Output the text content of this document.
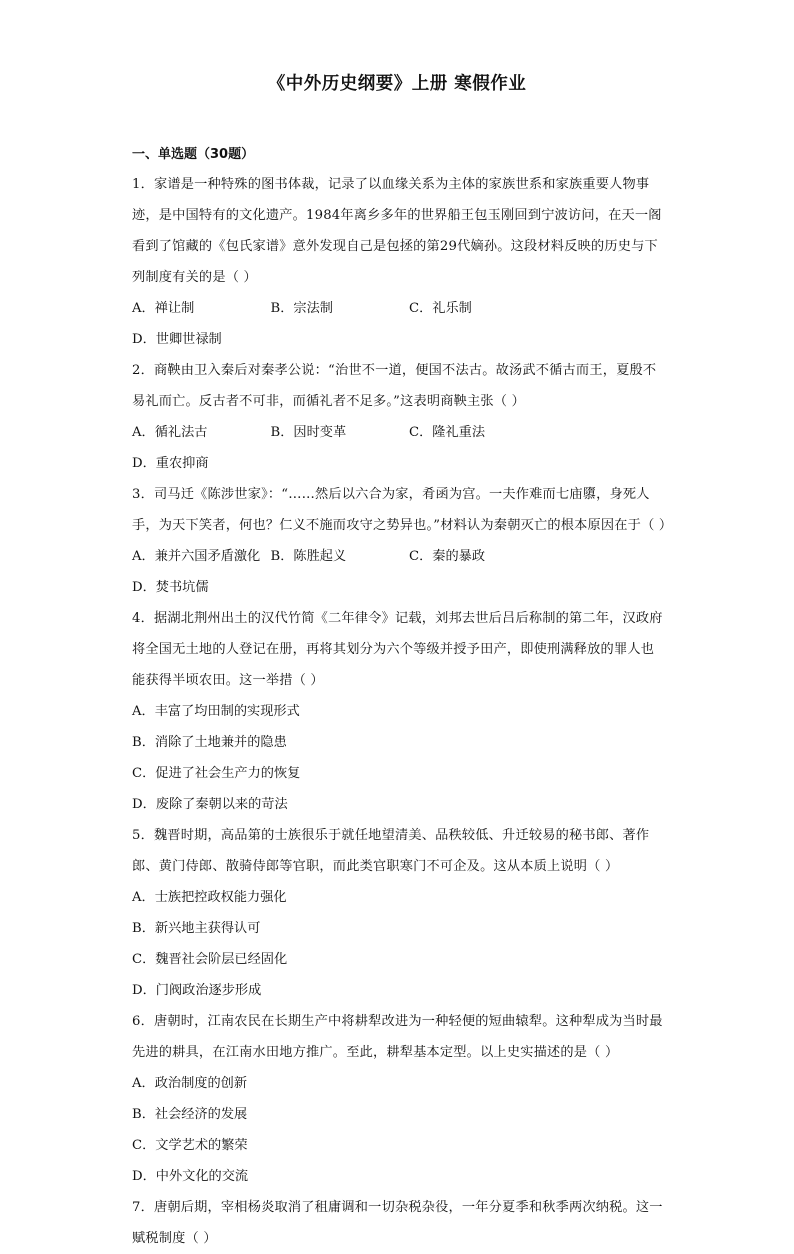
《中外历史纲要》上册 寒假作业
一、单选题（30题）
1．家谱是一种特殊的图书体裁，记录了以血缘关系为主体的家族世系和家族重要人物事迹，是中国特有的文化遗产。1984年离乡多年的世界船王包玉刚回到宁波访问，在天一阁看到了馆藏的《包氏家谱》意外发现自己是包拯的第29代嫡孙。这段材料反映的历史与下列制度有关的是（ ）
A．禅让制	B．宗法制	C．礼乐制
D．世卿世禄制
2．商鞅由卫入秦后对秦孝公说：“治世不一道，便国不法古。故汤武不循古而王，夏殷不易礼而亡。反古者不可非，而循礼者不足多。”这表明商鞅主张（ ）
A．循礼法古	B．因时变革	C．隆礼重法
D．重农抑商
3．司马迁《陈涉世家》：“……然后以六合为家，肴函为宫。一夫作难而七庙隳，身死人手，为天下笑者，何也？仁义不施而攻守之势异也。”材料认为秦朝灭亡的根本原因在于（ ）
A．兼并六国矛盾激化 B．陈胜起义	C．秦的暴政
D．焚书坑儒
4．据湖北荆州出土的汉代竹简《二年律令》记载，刘邦去世后吕后称制的第二年，汉政府将全国无土地的人登记在册，再将其划分为六个等级并授予田产，即使刑满释放的罪人也能获得半顷农田。这一举措（ ）
A．丰富了均田制的实现形式
B．消除了土地兼并的隐患
C．促进了社会生产力的恢复
D．废除了秦朝以来的苛法
5．魏晋时期，高品第的士族很乐于就任地望清美、品秩较低、升迁较易的秘书郎、著作郎、黄门侍郎、散骑侍郎等官职，而此类官职寒门不可企及。这从本质上说明（ ）
A．士族把控政权能力强化
B．新兴地主获得认可
C．魏晋社会阶层已经固化
D．门阀政治逐步形成
6．唐朝时，江南农民在长期生产中将耕犁改进为一种轻便的短曲辕犁。这种犁成为当时最先进的耕具，在江南水田地方推广。至此，耕犁基本定型。以上史实描述的是（ ）
A．政治制度的创新
B．社会经济的发展
C．文学艺术的繁荣
D．中外文化的交流
7．唐朝后期，宰相杨炎取消了租庸调和一切杂税杂役，一年分夏季和秋季两次纳税。这一赋税制度（ ）
